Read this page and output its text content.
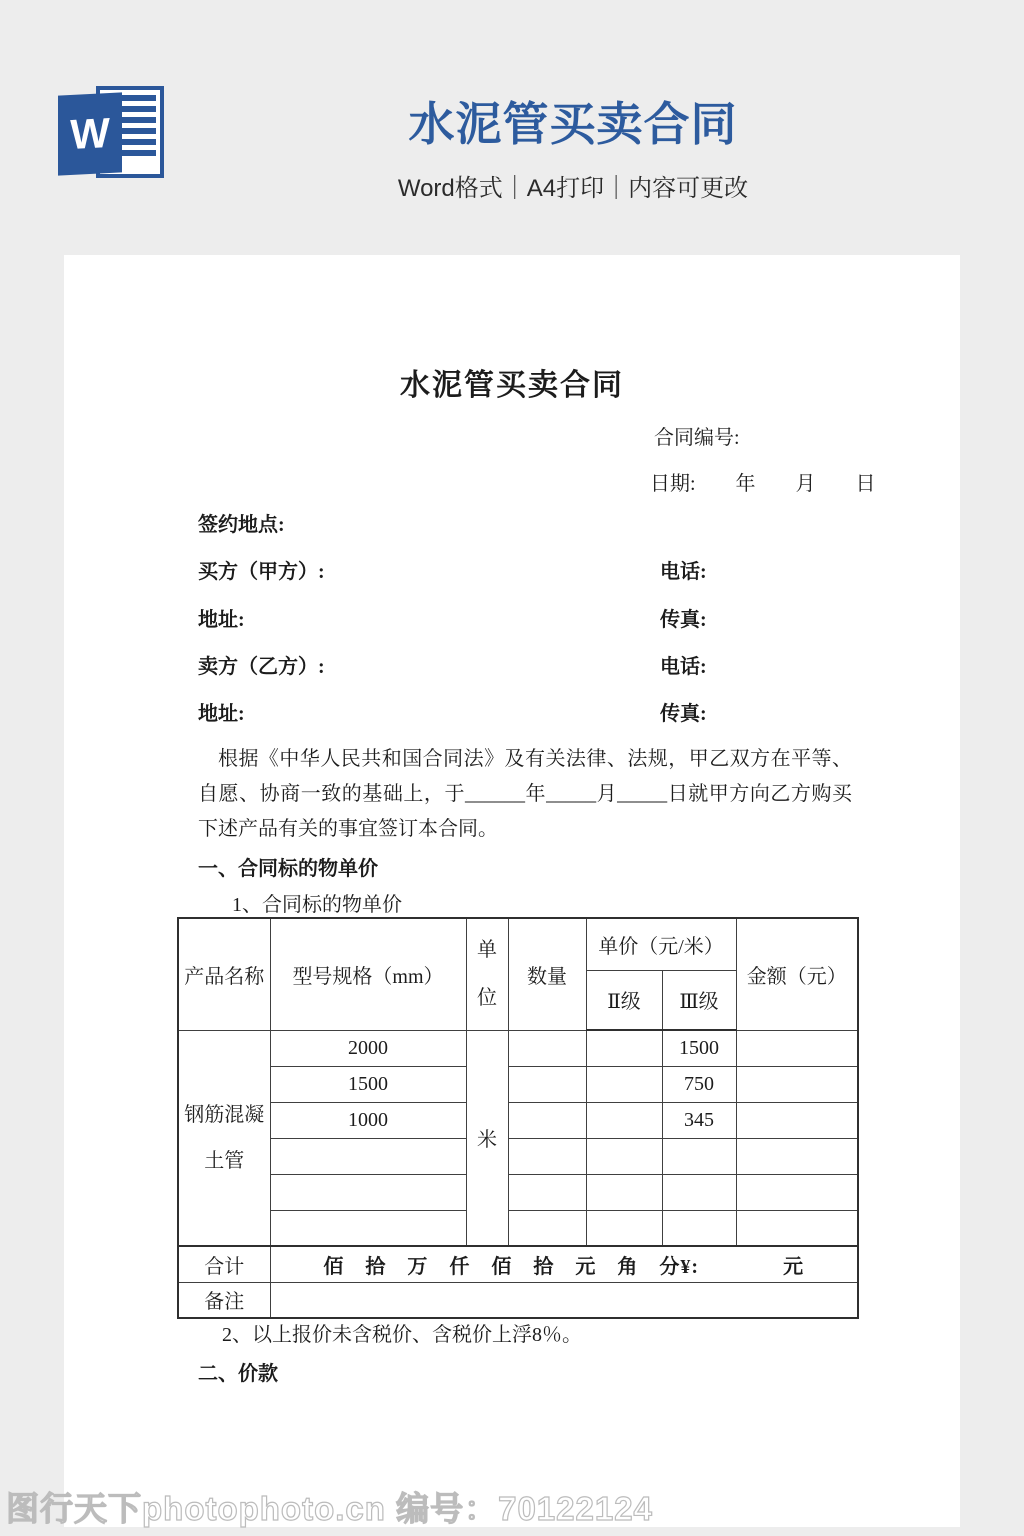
W	水泥管买卖合同
Word格式｜A4打印｜内容可更改
水泥管买卖合同
合同编号:
日期:　　年　　月　　日
签约地点:
买方（甲方）:	电话:
地址:	传真:
卖方（乙方）:	电话:
地址:	传真:
根据《中华人民共和国合同法》及有关法律、法规，甲乙双方在平等、自愿、协商一致的基础上，于______年_____月_____日就甲方向乙方购买下述产品有关的事宜签订本合同。
一、合同标的物单价
1、合同标的物单价
产品名称	型号规格（mm）	单位	数量	单价（元/米）		金额（元）
				Ⅱ级	Ⅲ级	
钢筋混凝土管	2000	米			1500	
	1500				750	
	1000				345	

合计	佰　拾　万　仟　佰　拾　元　角　分¥:　　　　元					
备注						
2、以上报价未含税价、含税价上浮8％。
二、价款
图行天下photophoto.cn 编号：70122124
